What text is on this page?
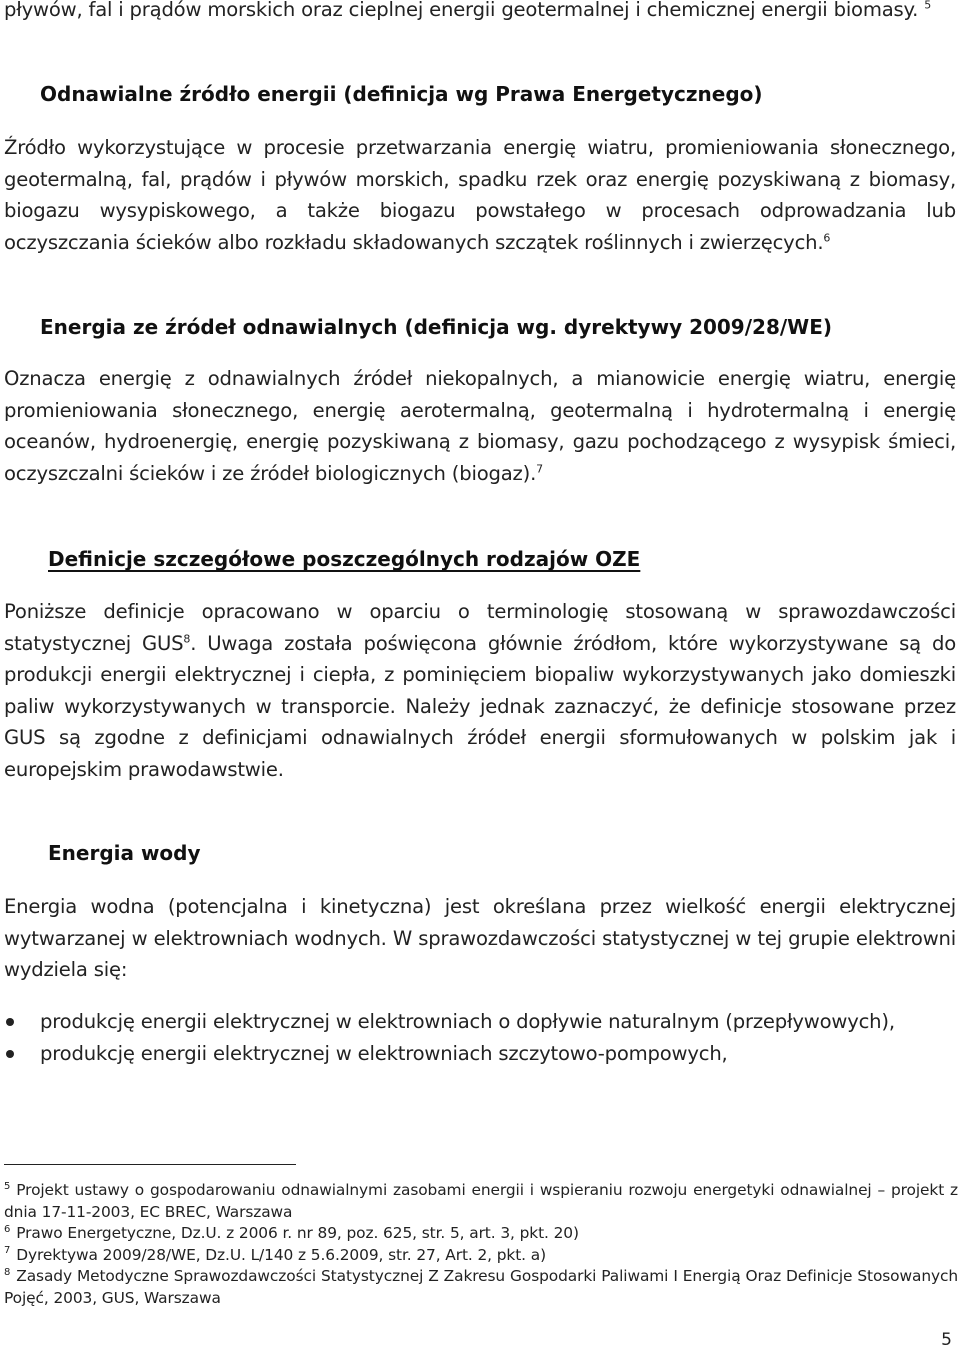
pływów, fal i prądów morskich oraz cieplnej energii geotermalnej i chemicznej energii biomasy. $^5$

Odnawialne źródło energii (definicja wg Prawa Energetycznego)

Źródło wykorzystujące w procesie przetwarzania energię wiatru, promieniowania słonecznego, geotermalną, fal, prądów i pływów morskich, spadku rzek oraz energię pozyskiwaną z biomasy, biogazu wysypiskowego, a także biogazu powstałego w procesach odprowadzania lub oczyszczania ścieków albo rozkładu składowanych szczątek roślinnych i zwierzęcych.$^6$

Energia ze źródeł odnawialnych (definicja wg. dyrektywy 2009/28/WE)

Oznacza energię z odnawialnych źródeł niekopalnych, a mianowicie energię wiatru, energię promieniowania słonecznego, energię aerotermalną, geotermalną i hydrotermalną i energię oceanów, hydroenergię, energię pozyskiwaną z biomasy, gazu pochodzącego z wysypisk śmieci, oczyszczalni ścieków i ze źródeł biologicznych (biogaz).$^7$

Definicje szczegółowe poszczególnych rodzajów OZE

Poniższe definicje opracowano w oparciu o terminologię stosowaną w sprawozdawczości statystycznej GUS$^8$. Uwaga została poświęcona głównie źródłom, które wykorzystywane są do produkcji energii elektrycznej i ciepła, z pominięciem biopaliw wykorzystywanych jako domieszki paliw wykorzystywanych w transporcie. Należy jednak zaznaczyć, że definicje stosowane przez GUS są zgodne z definicjami odnawialnych źródeł energii sformułowanych w polskim jak i europejskim prawodawstwie.

Energia wody

Energia wodna (potencjalna i kinetyczna) jest określana przez wielkość energii elektrycznej wytwarzanej w elektrowniach wodnych. W sprawozdawczości statystycznej w tej grupie elektrowni wydziela się:

produkcję energii elektrycznej w elektrowniach o dopływie naturalnym (przepływowych),
produkcję energii elektrycznej w elektrowniach szczytowo-pompowych,

$^5$ Projekt ustawy o gospodarowaniu odnawialnymi zasobami energii i wspieraniu rozwoju energetyki odnawialnej – projekt z dnia 17-11-2003, EC BREC, Warszawa

$^6$ Prawo Energetyczne, Dz.U. z 2006 r. nr 89, poz. 625, str. 5, art. 3, pkt. 20)

$^7$ Dyrektywa 2009/28/WE, Dz.U. L/140 z 5.6.2009, str. 27, Art. 2, pkt. a)

$^8$ Zasady Metodyczne Sprawozdawczości Statystycznej Z Zakresu Gospodarki Paliwami I Energią Oraz Definicje Stosowanych Pojęć, 2003, GUS, Warszawa

5
